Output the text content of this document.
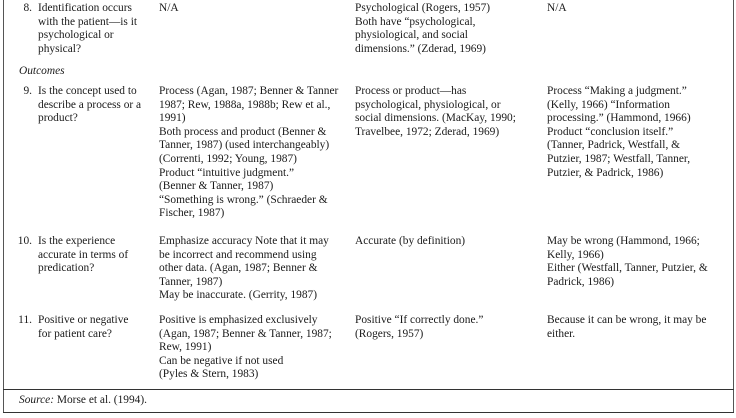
8. Identification occurs
with the patient—is it
psychological or
physical?
N/A	Psychological (Rogers, 1957)
Both have “psychological,
physiological, and social
dimensions.” (Zderad, 1969)
N/A
Outcomes
9. Is the concept used to
describe a process or a
product?
Process (Agan, 1987; Benner & Tanner
1987; Rew, 1988a, 1988b; Rew et al.,
1991)
Both process and product (Benner &
Tanner, 1987) (used interchangeably)
(Correnti, 1992; Young, 1987)
Product “intuitive judgment.”
(Benner & Tanner, 1987)
“Something is wrong.” (Schraeder &
Fischer, 1987)
Process or product—has
psychological, physiological, or
social dimensions. (MacKay, 1990;
Travelbee, 1972; Zderad, 1969)
Process “Making a judgment.”
(Kelly, 1966) “Information
processing.” (Hammond, 1966)
Product “conclusion itself.”
(Tanner, Padrick, Westfall, &
Putzier, 1987; Westfall, Tanner,
Putzier, & Padrick, 1986)
10. Is the experience
accurate in terms of
predication?
Emphasize accuracy Note that it may
be incorrect and recommend using
other data. (Agan, 1987; Benner &
Tanner, 1987)
May be inaccurate. (Gerrity, 1987)
Accurate (by definition)	May be wrong (Hammond, 1966;
Kelly, 1966)
Either (Westfall, Tanner, Putzier, &
Padrick, 1986)
11. Positive or negative
for patient care?
Positive is emphasized exclusively
(Agan, 1987; Benner & Tanner, 1987;
Rew, 1991)
Can be negative if not used
(Pyles & Stern, 1983)
Positive “If correctly done.”
(Rogers, 1957)
Because it can be wrong, it may be
either.
Source: Morse et al. (1994).
